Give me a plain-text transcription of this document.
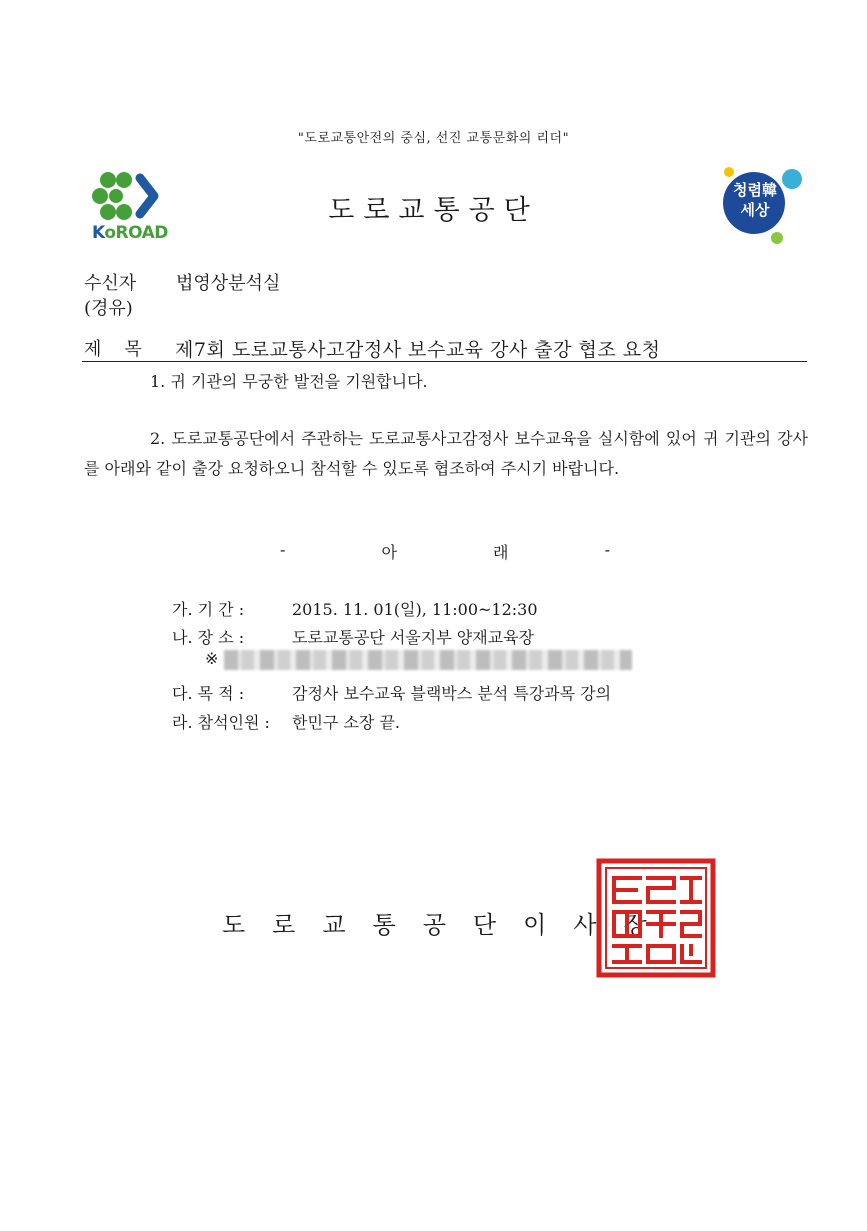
"도로교통안전의 중심, 선진 교통문화의 리더"
KoROAD
도로교통공단
청렴韓
세상
수신자 법영상분석실
(경유)
제목 제7회 도로교통사고감정사 보수교육 강사 출강 협조 요청
1. 귀 기관의 무궁한 발전을 기원합니다.
2. 도로교통공단에서 주관하는 도로교통사고감정사 보수교육을 실시함에 있어 귀 기관의 강사를 아래와 같이 출강 요청하오니 참석할 수 있도록 협조하여 주시기 바랍니다.
-	아	래	-
가. 기 간 :	2015. 11. 01(일), 11:00~12:30
나. 장 소 :	도로교통공단 서울지부 양재교육장
※
다. 목 적 :	감정사 보수교육 블랙박스 분석 특강과목 강의
라. 참석인원 : 한민구 소장 끝.
도로교통공단이사장
